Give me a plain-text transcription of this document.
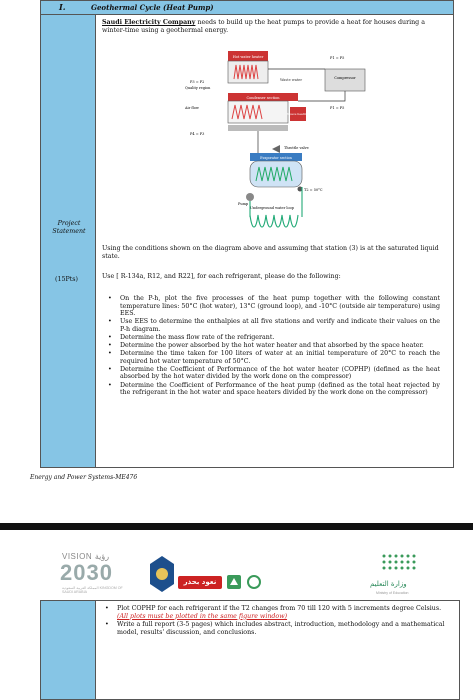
I.	Geothermal Cycle (Heat Pump)
Project Statement
(15Pts)
Saudi Electricity Company needs to build up the heat pumps to provide a heat for houses during a winter-time using a geothermal energy.
Hot water heater
Condenser section
Space heating
Compressor
Waste water
Quality region
Air flow
P3 = P2
P4 = P3
P1 = P5
P1 = P5
Throttle valve
Evaporator section
T2 = 50°C
Pump
Underground water loop
Using the conditions shown on the diagram above and assuming that station (3) is at the saturated liquid state.
Use [ R-134a, R12, and R22], for each refrigerant, please do the following:
• On the P-h, plot the five processes of the heat pump together with the following constant temperature lines: 50°C (hot water), 13°C (ground loop), and -10°C (outside air temperature) using EES.
• Use EES to determine the enthalpies at all five stations and verify and indicate their values on the P-h diagram.
• Determine the mass flow rate of the refrigerant.
• Determine the power absorbed by the hot water heater and that absorbed by the space heater.
• Determine the time taken for 100 liters of water at an initial temperature of 20°C to reach the required hot water temperature of 50°C.
• Determine the Coefficient of Performance of the hot water heater (COPHP) (defined as the heat absorbed by the hot water divided by the work done on the compressor)
• Determine the Coefficient of Performance of the heat pump (defined as the total heat rejected by the refrigerant in the hot water and space heaters divided by the work done on the compressor)
Energy and Power Systems-ME476
VISION رؤية
2030
المملكة العربية السعودية KINGDOM OF SAUDI ARABIA
نعود بحذر	وزارة التعليم
Ministry of Education
• Plot COPHP for each refrigerant if the T2 changes from 70 till 120 with 5 increments degree Celsius. (All plots must be plotted in the same figure window)
• Write a full report (3-5 pages) which includes abstract, introduction, methodology and a mathematical model, results' discussion, and conclusions.
